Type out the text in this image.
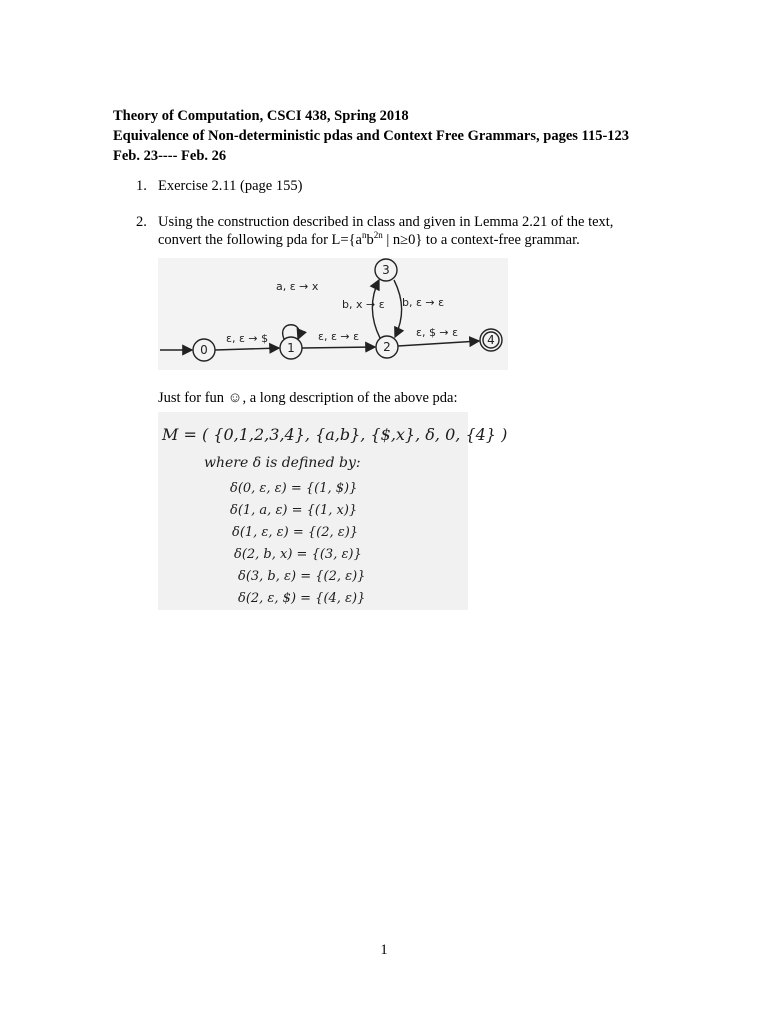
Theory of Computation, CSCI 438, Spring 2018
Equivalence of Non-deterministic pdas and Context Free Grammars, pages 115-123
Feb. 23---- Feb. 26
1. Exercise 2.11 (page 155)
2. Using the construction described in class and given in Lemma 2.21 of the text,
convert the following pda for $L=\{a^nb^{2n}$ | n≥0} to a context-free grammar.
0	1	2
3
4
ε, ε → $
a, ε → x
ε, ε → ε
b, x → ε b, ε → ε
ε, $ → ε
Just for fun ☺, a long description of the above pda:
M = ( {0,1,2,3,4}, {a,b}, {$,x}, δ, 0, {4} )
where δ is defined by:
δ(0, ε, ε) = {(1, $)}
δ(1, a, ε) = {(1, x)}
δ(1, ε, ε) = {(2, ε)}
δ(2, b, x) = {(3, ε)}
δ(3, b, ε) = {(2, ε)}
δ(2, ε, $) = {(4, ε)}
1
